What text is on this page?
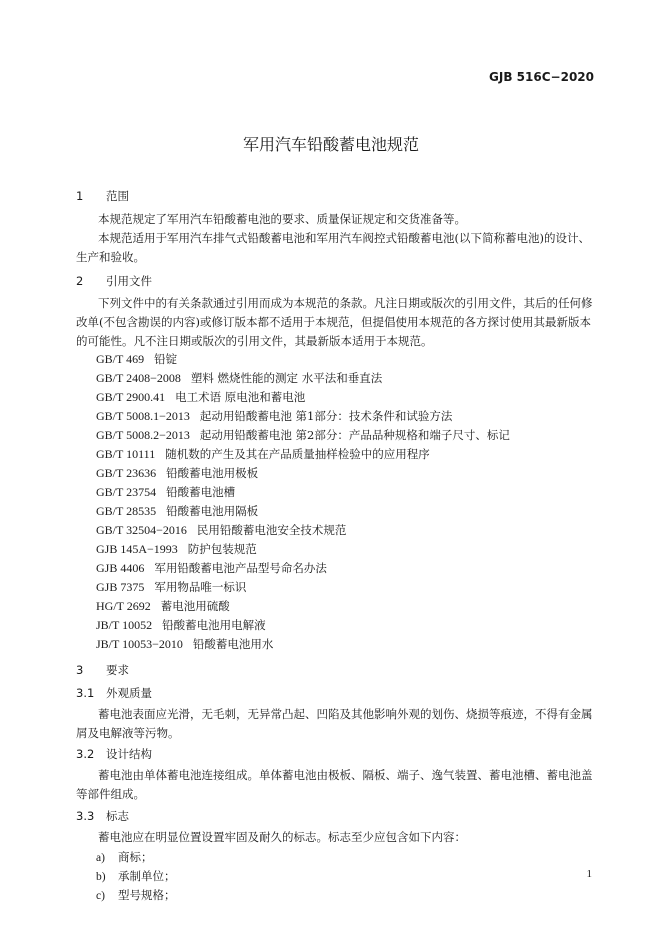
GJB 516C−2020
军用汽车铅酸蓄电池规范
1 范围
本规范规定了军用汽车铅酸蓄电池的要求、质量保证规定和交货准备等。
本规范适用于军用汽车排气式铅酸蓄电池和军用汽车阀控式铅酸蓄电池(以下简称蓄电池)的设计、生产和验收。
2 引用文件
下列文件中的有关条款通过引用而成为本规范的条款。凡注日期或版次的引用文件，其后的任何修改单(不包含勘误的内容)或修订版本都不适用于本规范，但提倡使用本规范的各方探讨使用其最新版本的可能性。凡不注日期或版次的引用文件，其最新版本适用于本规范。
GB/T 469 铅锭
GB/T 2408−2008 塑料 燃烧性能的测定 水平法和垂直法
GB/T 2900.41 电工术语 原电池和蓄电池
GB/T 5008.1−2013 起动用铅酸蓄电池 第1部分：技术条件和试验方法
GB/T 5008.2−2013 起动用铅酸蓄电池 第2部分：产品品种规格和端子尺寸、标记
GB/T 10111 随机数的产生及其在产品质量抽样检验中的应用程序
GB/T 23636 铅酸蓄电池用极板
GB/T 23754 铅酸蓄电池槽
GB/T 28535 铅酸蓄电池用隔板
GB/T 32504−2016 民用铅酸蓄电池安全技术规范
GJB 145A−1993 防护包装规范
GJB 4406 军用铅酸蓄电池产品型号命名办法
GJB 7375 军用物品唯一标识
HG/T 2692 蓄电池用硫酸
JB/T 10052 铅酸蓄电池用电解液
JB/T 10053−2010 铅酸蓄电池用水
3 要求
3.1 外观质量
蓄电池表面应光滑，无毛刺，无异常凸起、凹陷及其他影响外观的划伤、烧损等痕迹，不得有金属屑及电解液等污物。
3.2 设计结构
蓄电池由单体蓄电池连接组成。单体蓄电池由极板、隔板、端子、逸气装置、蓄电池槽、蓄电池盖等部件组成。
3.3 标志
蓄电池应在明显位置设置牢固及耐久的标志。标志至少应包含如下内容：
a) 商标；
b) 承制单位；
c) 型号规格；
1
